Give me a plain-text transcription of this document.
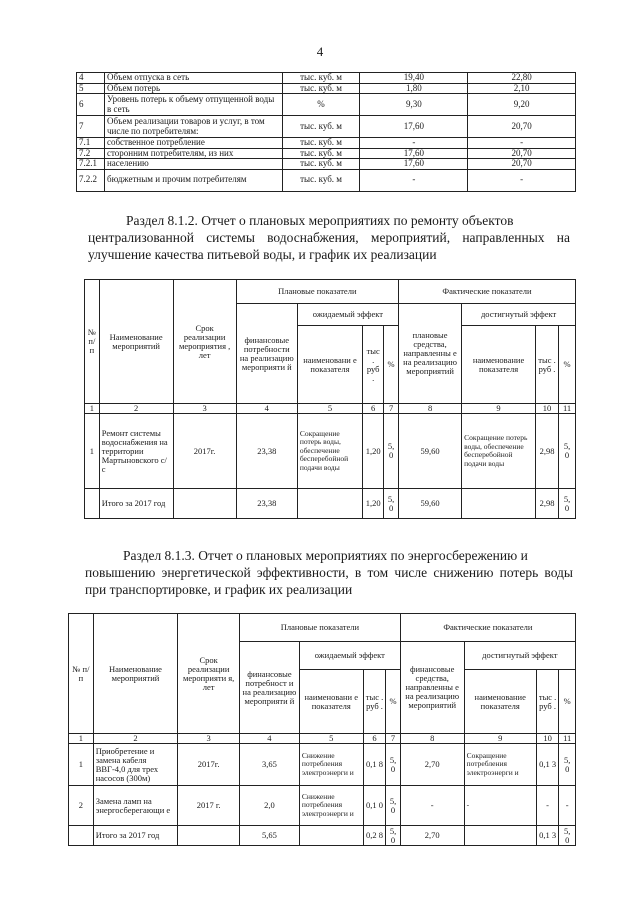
4
4	Объем отпуска в сеть	тыс. куб. м	19,40	22,80
5	Объем потерь	тыс. куб. м	1,80	2,10
6	Уровень потерь к объему отпущенной воды в сеть	%	9,30	9,20
7	Объем реализации товаров и услуг, в том числе по потребителям:	тыс. куб. м	17,60	20,70
7.1	собственное потребление	тыс. куб. м	-	-
7.2	сторонним потребителям, из них	тыс. куб. м	17,60	20,70
7.2.1	населению	тыс. куб. м	17,60	20,70
7.2.2	бюджетным и прочим потребителям	тыс. куб. м	-	-
Раздел 8.1.2. Отчет о плановых мероприятиях по ремонту объектов
централизованной системы водоснабжения, мероприятий, направленных на улучшение качества питьевой воды, и график их реализации
№ п/ п	Наименование мероприятий	Срок реализации мероприятия , лет	Плановые показатели				Фактические показатели			
			финансовые потребности на реализацию мероприяти й	ожидаемый эффект			плановые средства, направленны е на реализацию мероприятий	достигнутый эффект		
				наименовани е показателя	тыс . руб .	%		наименование показателя	тыс . руб .	%
1	2	3	4	5	6	7	8	9	10	11
1	Ремонт системы водоснабжения на территории Мартыновского с/с	2017г.	23,38	Сокращение потерь воды, обеспечение бесперебойной подачи воды	1,20	5, 0	59,60	Сокращение потерь воды, обеспечение бесперебойной подачи воды	2,98	5, 0
	Итого за 2017 год		23,38		1,20	5, 0	59,60		2,98	5, 0
Раздел 8.1.3. Отчет о плановых мероприятиях по энергосбережению и
повышению энергетической эффективности, в том числе снижению потерь воды при транспортировке, и график их реализации
№ п/ п	Наименование мероприятий	Срок реализации мероприяти я, лет	Плановые показатели				Фактические показатели			
			финансовые потребност и на реализацию мероприяти й	ожидаемый эффект			финансовые средства, направленны е на реализацию мероприятий	достигнутый эффект		
				наименовани е показателя	тыс . руб .	%		наименование показателя	тыс . руб .	%
1	2	3	4	5	6	7	8	9	10	11
1	Приобретение и замена кабеля ВВГ-4,0 для трех насосов (300м)	2017г.	3,65	Снижение потребления электроэнерги и	0,1 8	5, 0	2,70	Сокращение потребления электроэнерги и	0,1 3	5, 0
2	Замена ламп на энергосберегающи е	2017 г.	2,0	Снижение потребления электроэнерги и	0,1 0	5, 0	-	-	-	-
	Итого за 2017 год		5,65		0,2 8	5, 0	2,70		0,1 3	5, 0
